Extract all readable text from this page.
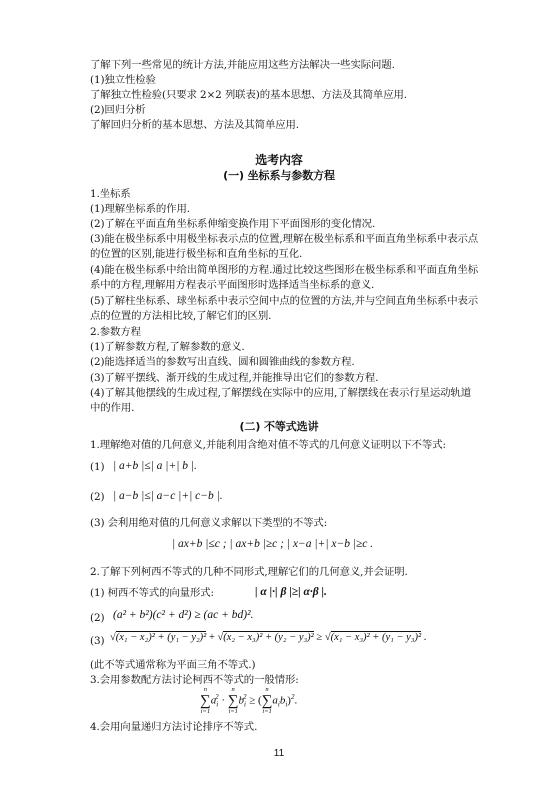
了解下列一些常见的统计方法,并能应用这些方法解决一些实际问题.
(1)独立性检验
了解独立性检验(只要求 2×2 列联表)的基本思想、方法及其简单应用.
(2)回归分析
了解回归分析的基本思想、方法及其简单应用.
选考内容
(一) 坐标系与参数方程
1.坐标系
(1)理解坐标系的作用.
(2)了解在平面直角坐标系伸缩变换作用下平面图形的变化情况.
(3)能在极坐标系中用极坐标表示点的位置,理解在极坐标系和平面直角坐标系中表示点
的位置的区别,能进行极坐标和直角坐标的互化.
(4)能在极坐标系中给出简单图形的方程.通过比较这些图形在极坐标系和平面直角坐标
系中的方程,理解用方程表示平面图形时选择适当坐标系的意义.
(5)了解柱坐标系、球坐标系中表示空间中点的位置的方法,并与空间直角坐标系中表示
点的位置的方法相比较,了解它们的区别.
2.参数方程
(1)了解参数方程,了解参数的意义.
(2)能选择适当的参数写出直线、圆和圆锥曲线的参数方程.
(3)了解平摆线、渐开线的生成过程,并能推导出它们的参数方程.
(4)了解其他摆线的生成过程,了解摆线在实际中的应用,了解摆线在表示行星运动轨道
中的作用.
(二) 不等式选讲
1.理解绝对值的几何意义,并能利用含绝对值不等式的几何意义证明以下不等式:
(1) | a+b |≤| a |+| b |.
(2) | a−b |≤| a−c |+| c−b |.
(3) 会利用绝对值的几何意义求解以下类型的不等式:
| ax+b |≤c ; | ax+b |≥c ; | x−a |+| x−b |≥c .
2.了解下列柯西不等式的几种不同形式,理解它们的几何意义,并会证明.
(1) 柯西不等式的向量形式:	| α |·| β |≥| α·β |.
(2) (a² + b²)(c² + d²) ≥ (ac + bd)².
(3) √(x₁ − x₂)² + (y₁ − y₂)² + √(x₂ − x₃)² + (y₂ − y₃)² ≥ √(x₁ − x₃)² + (y₁ − y₃)² .
(此不等式通常称为平面三角不等式.)
3.会用参数配方法讨论柯西不等式的一般情形:
n
∑
i=1
$a_i^2$ ·
n
∑
i=1
$b_i^2$ ≥ (
n
∑
i=1
$a_ib_i)^2$.
4.会用向量递归方法讨论排序不等式.
11
